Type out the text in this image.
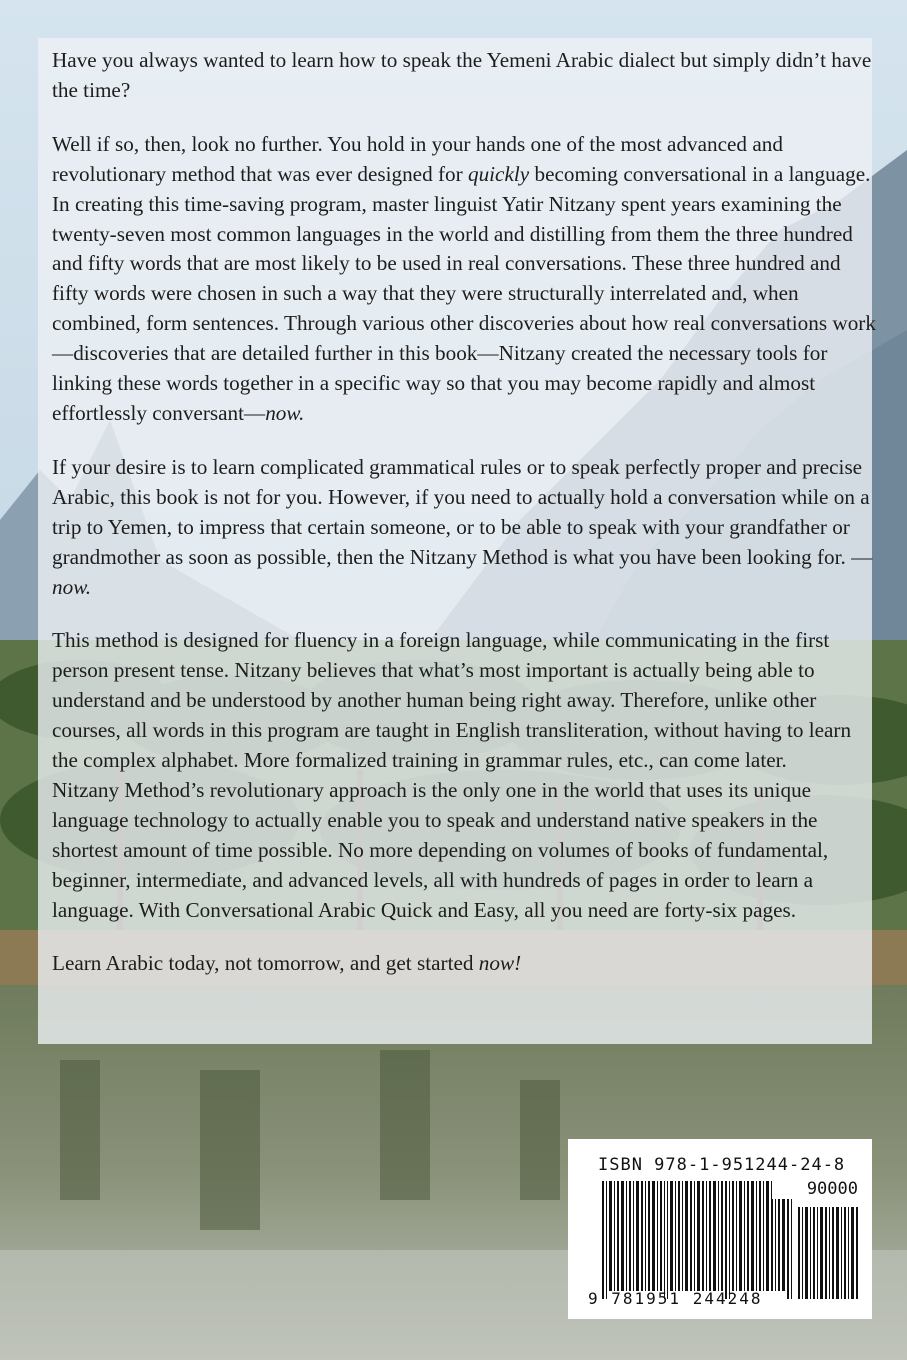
Have you always wanted to learn how to speak the Yemeni Arabic dialect but simply didn’t have the time?

Well if so, then, look no further. You hold in your hands one of the most advanced and revolutionary method that was ever designed for quickly becoming conversational in a language. In creating this time-saving program, master linguist Yatir Nitzany spent years examining the twenty-seven most common languages in the world and distilling from them the three hundred and fifty words that are most likely to be used in real conversations. These three hundred and fifty words were chosen in such a way that they were structurally interrelated and, when combined, form sentences. Through various other discoveries about how real conversations work—discoveries that are detailed further in this book—Nitzany created the necessary tools for linking these words together in a specific way so that you may become rapidly and almost effortlessly conversant—now.

If your desire is to learn complicated grammatical rules or to speak perfectly proper and precise Arabic, this book is not for you. However, if you need to actually hold a conversation while on a trip to Yemen, to impress that certain someone, or to be able to speak with your grandfather or grandmother as soon as possible, then the Nitzany Method is what you have been looking for. —now.

This method is designed for fluency in a foreign language, while communicating in the first person present tense. Nitzany believes that what’s most important is actually being able to understand and be understood by another human being right away. Therefore, unlike other courses, all words in this program are taught in English transliteration, without having to learn the complex alphabet. More formalized training in grammar rules, etc., can come later.

Nitzany Method’s revolutionary approach is the only one in the world that uses its unique language technology to actually enable you to speak and understand native speakers in the shortest amount of time possible. No more depending on volumes of books of fundamental, beginner, intermediate, and advanced levels, all with hundreds of pages in order to learn a language. With Conversational Arabic Quick and Easy, all you need are forty-six pages.

Learn Arabic today, not tomorrow, and get started now!

ISBN 978-1-951244-24-8
90000
9 781951 244248
